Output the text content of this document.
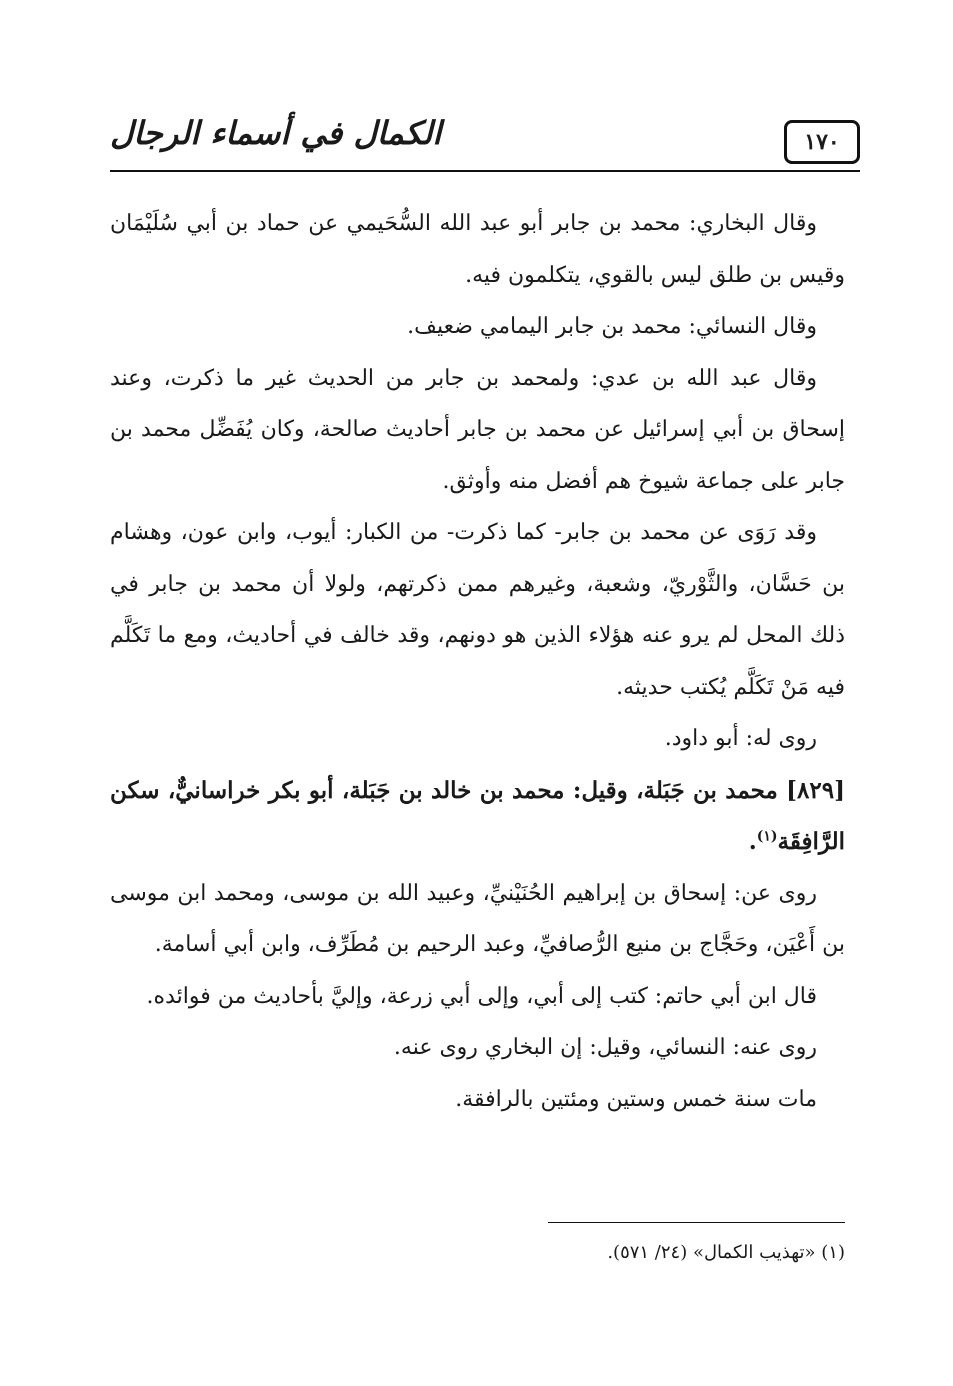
الكمال في أسماء الرجال	١٧٠

وقال البخاري: محمد بن جابر أبو عبد الله السُّحَيمي عن حماد بن أبي سُلَيْمَان وقيس بن طلق ليس بالقوي، يتكلمون فيه.

وقال النسائي: محمد بن جابر اليمامي ضعيف.

وقال عبد الله بن عدي: ولمحمد بن جابر من الحديث غير ما ذكرت، وعند إسحاق بن أبي إسرائيل عن محمد بن جابر أحاديث صالحة، وكان يُفَضِّل محمد بن جابر على جماعة شيوخ هم أفضل منه وأوثق.

وقد رَوَى عن محمد بن جابر- كما ذكرت- من الكبار: أيوب، وابن عون، وهشام بن حَسَّان، والثَّوْريّ، وشعبة، وغيرهم ممن ذكرتهم، ولولا أن محمد بن جابر في ذلك المحل لم يرو عنه هؤلاء الذين هو دونهم، وقد خالف في أحاديث، ومع ما تَكَلَّم فيه مَنْ تَكَلَّم يُكتب حديثه.

روى له: أبو داود.

[٨٢٩] محمد بن جَبَلة، وقيل: محمد بن خالد بن جَبَلة، أبو بكر خراسانيٌّ، سكن الرَّافِقَة$^{(١)}$.

روى عن: إسحاق بن إبراهيم الحُنَيْنيِّ، وعبيد الله بن موسى، ومحمد ابن موسى بن أَعْيَن، وحَجَّاج بن منيع الرُّصافيِّ، وعبد الرحيم بن مُطَرِّف، وابن أبي أسامة.

قال ابن أبي حاتم: كتب إلى أبي، وإلى أبي زرعة، وإليَّ بأحاديث من فوائده.

روى عنه: النسائي، وقيل: إن البخاري روى عنه.

مات سنة خمس وستين ومئتين بالرافقة.

(١) «تهذيب الكمال» (٢٤/ ٥٧١).
